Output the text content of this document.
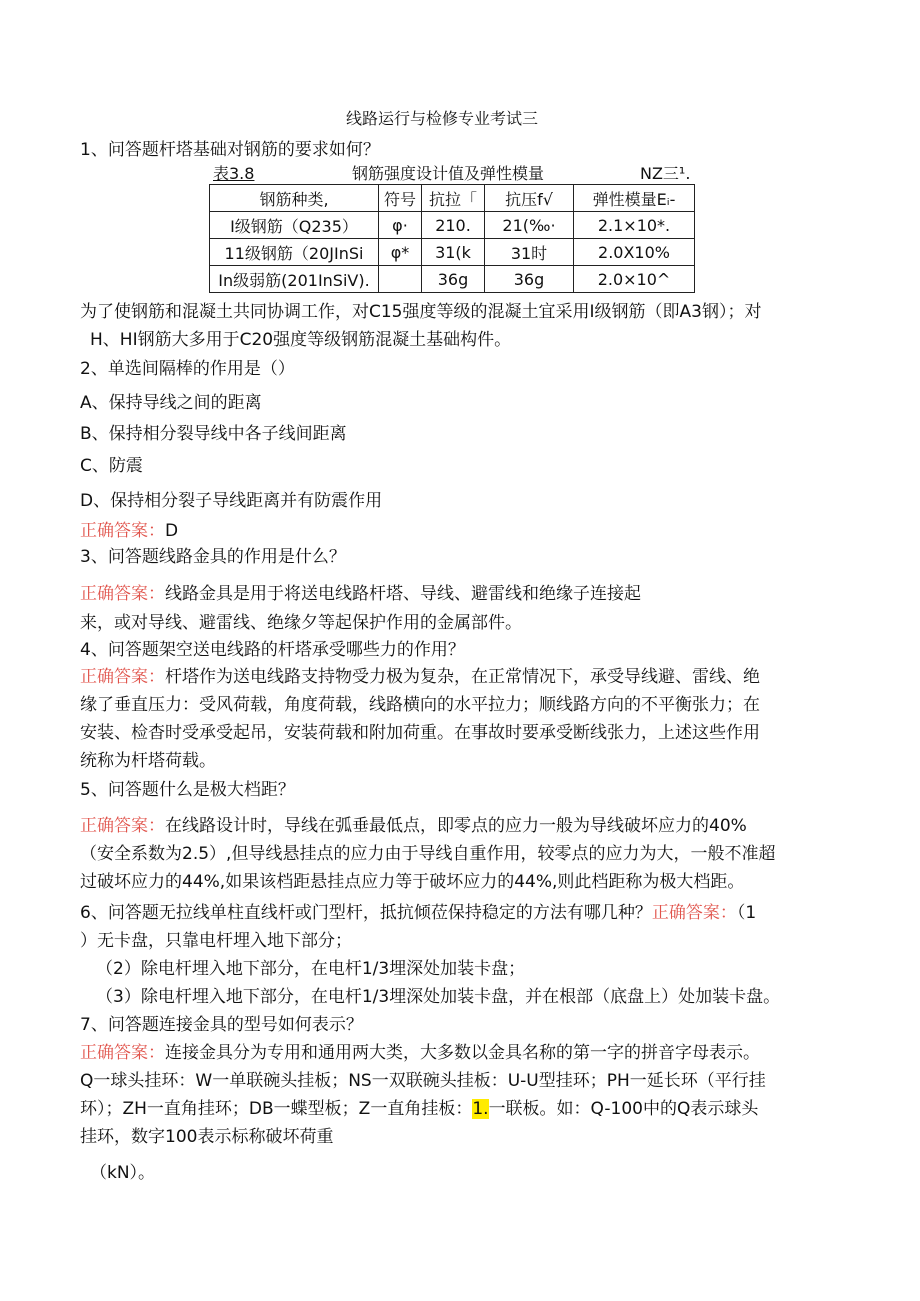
线路运行与检修专业考试三
1、问答题杆塔基础对钢筋的要求如何？
表3.8	钢筋强度设计值及弹性模量	NZ三¹.
钢筋种类,	符号	抗拉「	抗压f√	弹性模量Eᵢ-
I级钢筋（Q235）	φ·	210.	21(‰·	2.1×10*.
11级钢筋（20JInSi	φ*	31(k	31时	2.0X10%
In级弱筋(201InSiV).		36g	36g	2.0×10^
为了使钢筋和混凝土共同协调工作，对C15强度等级的混凝土宜采用I级钢筋（即A3钢）；对
H、HI钢筋大多用于C20强度等级钢筋混凝土基础构件。
2、单选间隔棒的作用是（）
A、保持导线之间的距离
B、保持相分裂导线中各子线间距离
C、防震
D、保持相分裂子导线距离并有防震作用
正确答案：D
3、问答题线路金具的作用是什么？
正确答案：线路金具是用于将送电线路杆塔、导线、避雷线和绝缘子连接起
来，或对导线、避雷线、绝缘夕等起保护作用的金属部件。
4、问答题架空送电线路的杆塔承受哪些力的作用？
正确答案：杆塔作为送电线路支持物受力极为复杂，在正常情况下，承受导线避、雷线、绝
缘了垂直压力：受风荷载，角度荷载，线路横向的水平拉力；顺线路方向的不平衡张力；在
安装、检杳时受承受起吊，安装荷载和附加荷重。在事故时要承受断线张力，上述这些作用
统称为杆塔荷载。
5、问答题什么是极大档距？
正确答案：在线路设计时，导线在弧垂最低点，即零点的应力一般为导线破坏应力的40%
（安全系数为2.5）,但导线悬挂点的应力由于导线自重作用，较零点的应力为大，一般不准超
过破坏应力的44%,如果该档距悬挂点应力等于破坏应力的44%,则此档距称为极大档距。
6、问答题无拉线单柱直线杆或门型杆，抵抗倾莅保持稳定的方法有哪几种？正确答案：（1
）无卡盘，只靠电杆埋入地下部分；
（2）除电杆埋入地下部分，在电杆1/3埋深处加装卡盘；
（3）除电杆埋入地下部分，在电杆1/3埋深处加装卡盘，并在根部（底盘上）处加装卡盘。
7、问答题连接金具的型号如何表示？
正确答案：连接金具分为专用和通用两大类，大多数以金具名称的第一字的拼音字母表示。
Q一球头挂环：W一单联碗头挂板；NS一双联碗头挂板：U-U型挂环；PH一延长环（平行挂
环）；ZH一直角挂环；DB一蝶型板；Z一直角挂板：1.一联板。如：Q-100中的Q表示球头
挂环，数字100表示标称破坏荷重
（kN）。
